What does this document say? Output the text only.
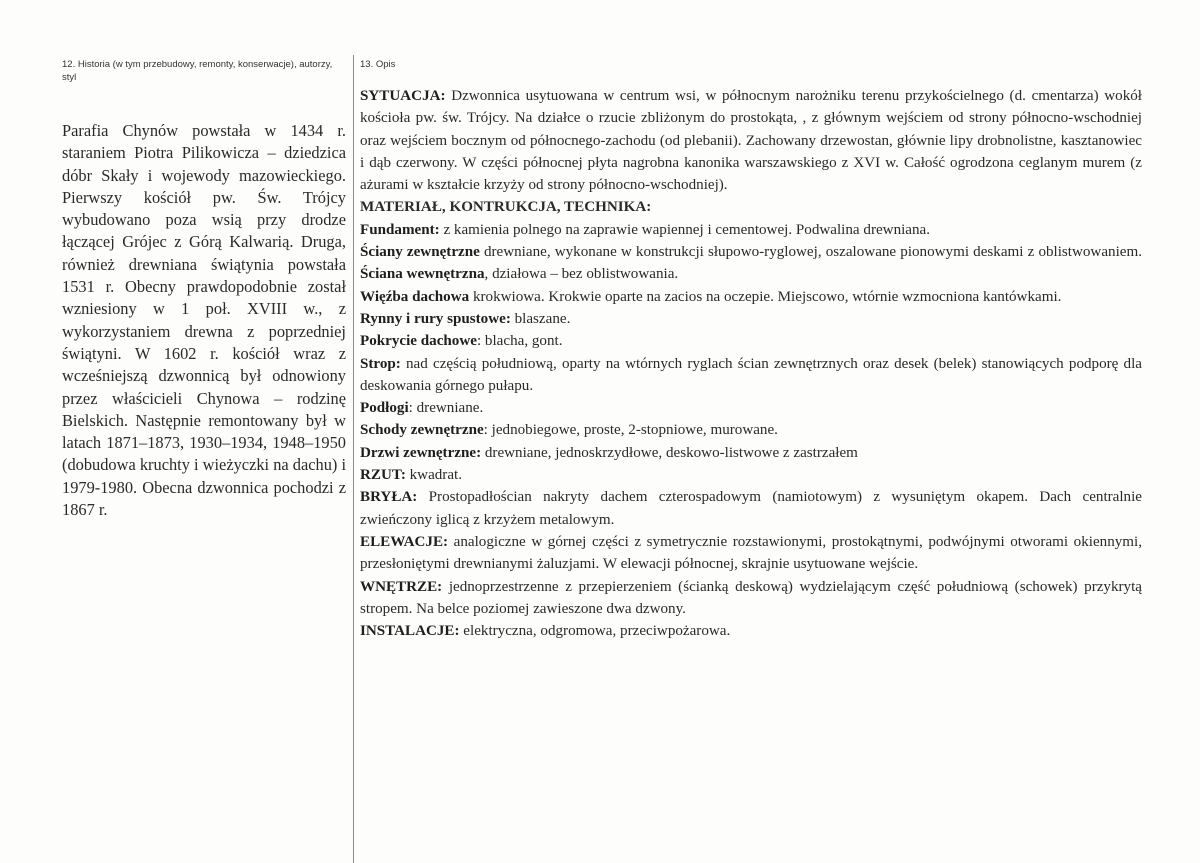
12. Historia (w tym przebudowy, remonty, konserwacje), autorzy, styl

Parafia Chynów powstała w 1434 r. staraniem Piotra Pilikowicza – dziedzica dóbr Skały i wojewody mazowieckiego. Pierwszy kościół pw. Św. Trójcy wybudowano poza wsią przy drodze łączącej Grójec z Górą Kalwarią. Druga, również drewniana świątynia powstała 1531 r. Obecny prawdopodobnie został wzniesiony w 1 poł. XVIII w., z wykorzystaniem drewna z poprzedniej świątyni. W 1602 r. kościół wraz z wcześniejszą dzwonnicą był odnowiony przez właścicieli Chynowa – rodzinę Bielskich. Następnie remontowany był w latach 1871–1873, 1930–1934, 1948–1950 (dobudowa kruchty i wieżyczki na dachu) i 1979-1980. Obecna dzwonnica pochodzi z 1867 r.

13. Opis

SYTUACJA: Dzwonnica usytuowana w centrum wsi, w północnym narożniku terenu przykościelnego (d. cmentarza) wokół kościoła pw. św. Trójcy. Na działce o rzucie zbliżonym do prostokąta, , z głównym wejściem od strony północno-wschodniej oraz wejściem bocznym od północnego-zachodu (od plebanii). Zachowany drzewostan, głównie lipy drobnolistne, kasztanowiec i dąb czerwony. W części północnej płyta nagrobna kanonika warszawskiego z XVI w. Całość ogrodzona ceglanym murem (z ażurami w kształcie krzyży od strony północno-wschodniej).

MATERIAŁ, KONTRUKCJA, TECHNIKA:

Fundament: z kamienia polnego na zaprawie wapiennej i cementowej. Podwalina drewniana.

Ściany zewnętrzne drewniane, wykonane w konstrukcji słupowo-ryglowej, oszalowane pionowymi deskami z oblistwowaniem. Ściana wewnętrzna, działowa – bez oblistwowania.

Więźba dachowa krokwiowa. Krokwie oparte na zacios na oczepie. Miejscowo, wtórnie wzmocniona kantówkami.

Rynny i rury spustowe: blaszane.

Pokrycie dachowe: blacha, gont.

Strop: nad częścią południową, oparty na wtórnych ryglach ścian zewnętrznych oraz desek (belek) stanowiących podporę dla deskowania górnego pułapu.

Podłogi: drewniane.

Schody zewnętrzne: jednobiegowe, proste, 2-stopniowe, murowane.

Drzwi zewnętrzne: drewniane, jednoskrzydłowe, deskowo-listwowe z zastrzałem

RZUT: kwadrat.

BRYŁA: Prostopadłościan nakryty dachem czterospadowym (namiotowym) z wysuniętym okapem. Dach centralnie zwieńczony iglicą z krzyżem metalowym.

ELEWACJE: analogiczne w górnej części z symetrycznie rozstawionymi, prostokątnymi, podwójnymi otworami okiennymi, przesłoniętymi drewnianymi żaluzjami. W elewacji północnej, skrajnie usytuowane wejście.

WNĘTRZE: jednoprzestrzenne z przepierzeniem (ścianką deskową) wydzielającym część południową (schowek) przykrytą stropem. Na belce poziomej zawieszone dwa dzwony.

INSTALACJE: elektryczna, odgromowa, przeciwpożarowa.
